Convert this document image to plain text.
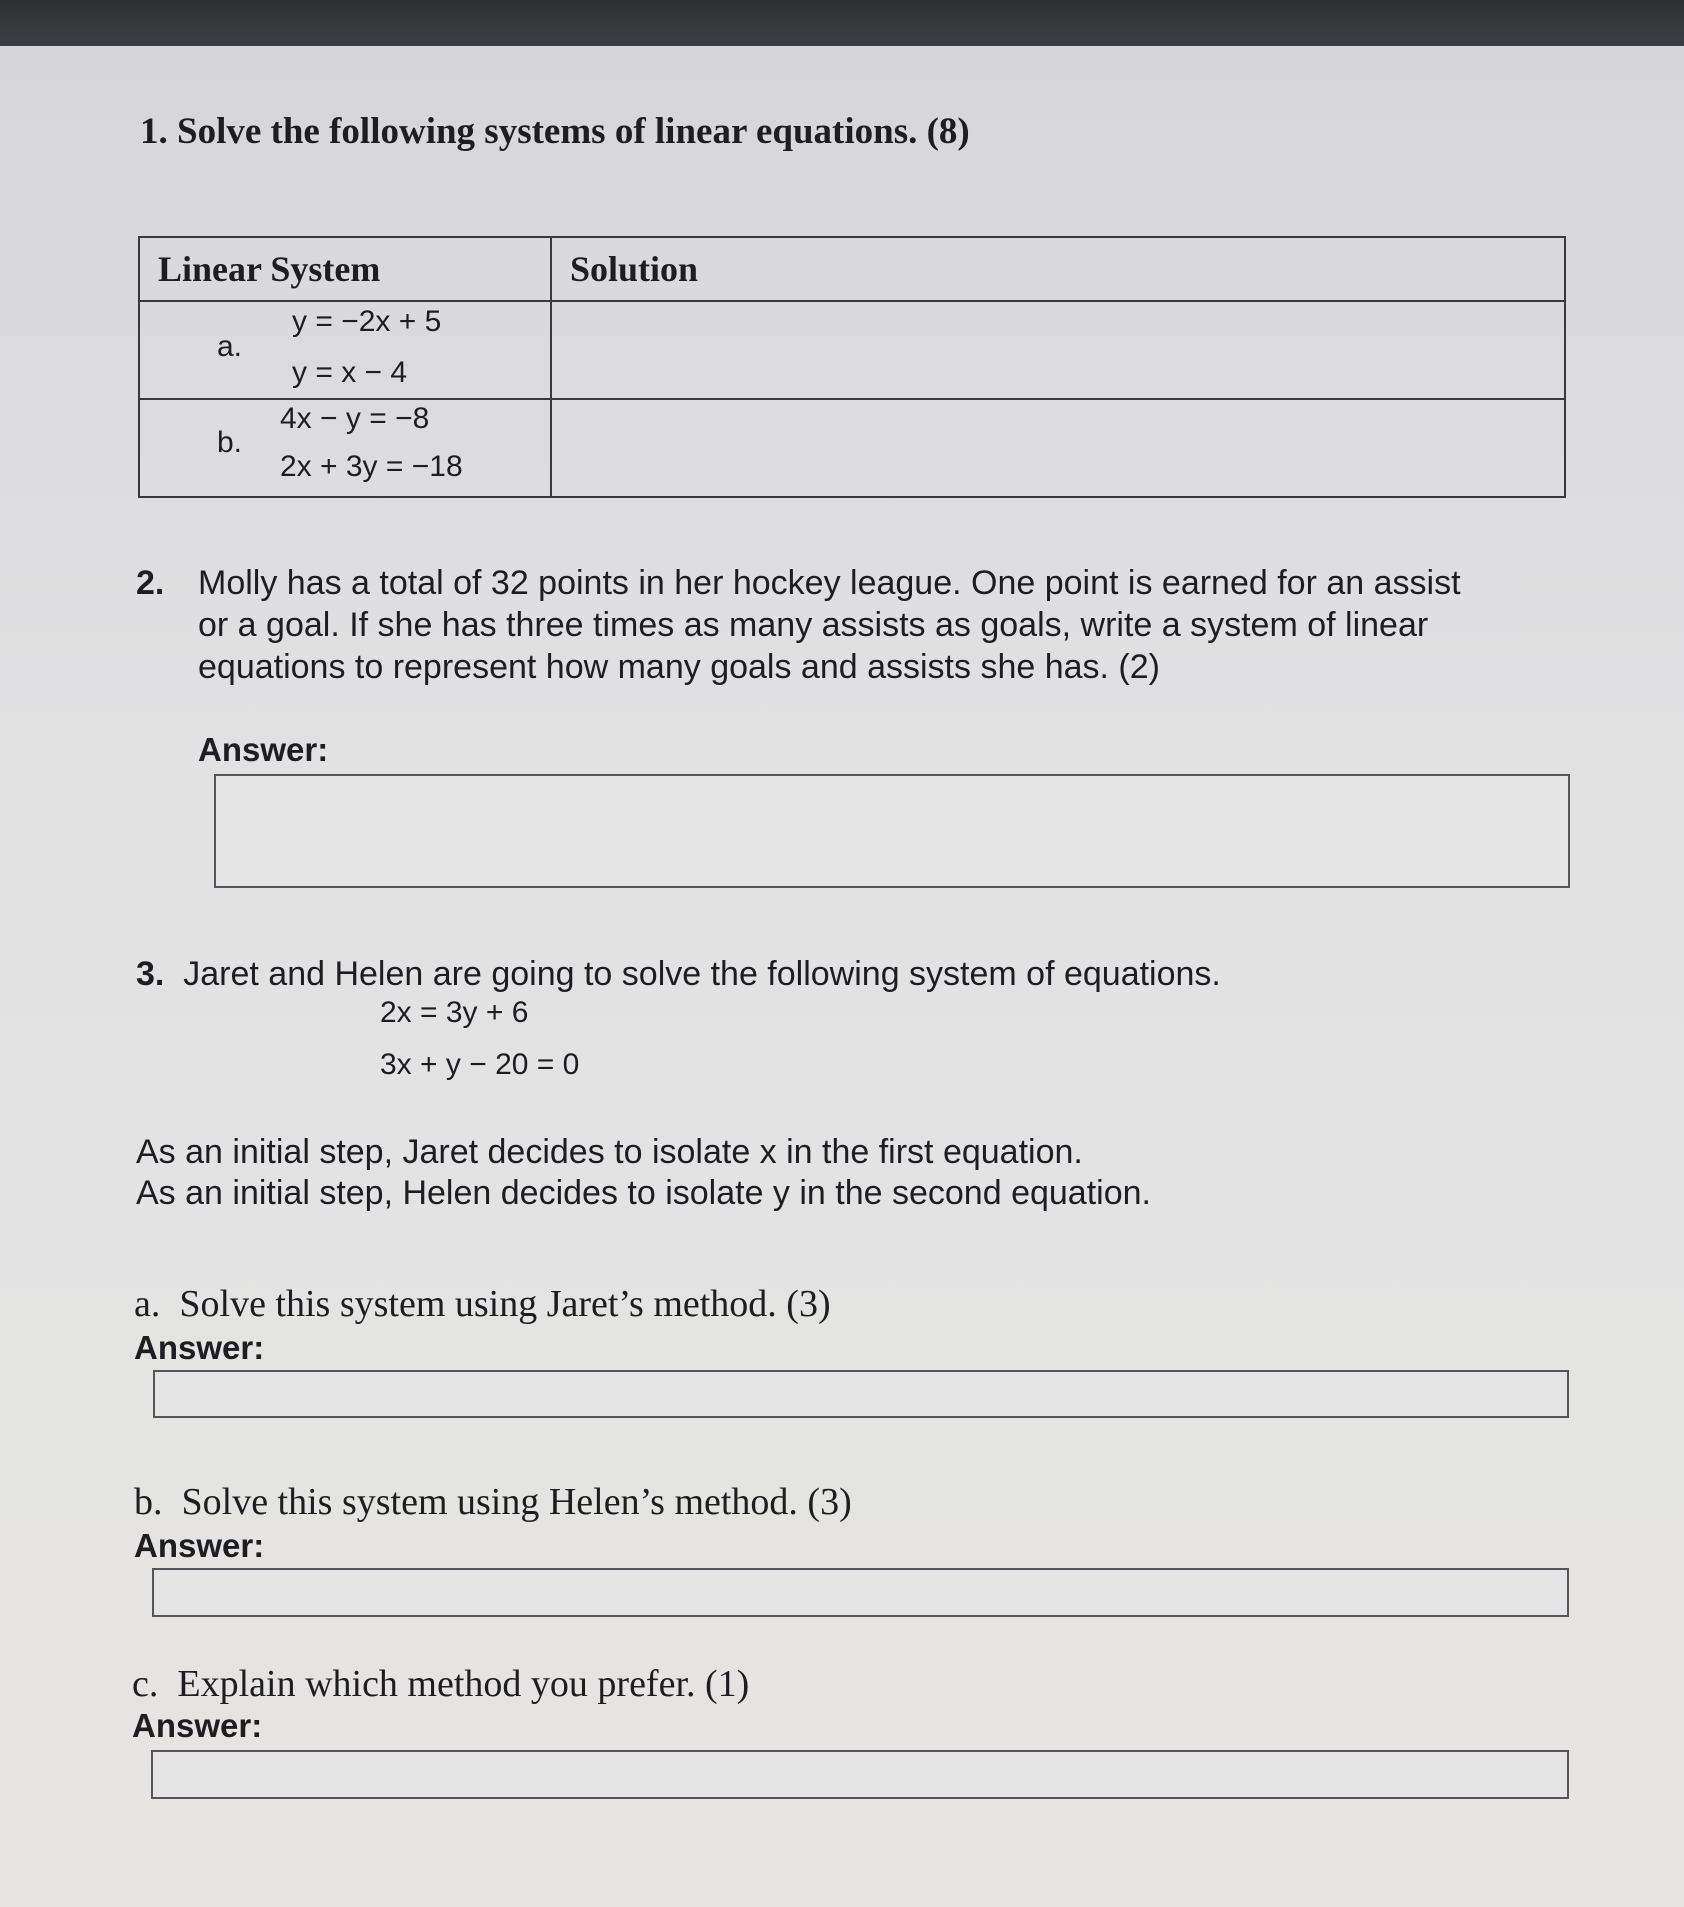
1. Solve the following systems of linear equations. (8)

Linear System	Solution

a.
y = −2x + 5
y = x − 4	

b.
4x − y = −8
2x + 3y = −18	

2. Molly has a total of 32 points in her hockey league. One point is earned for an assist
or a goal. If she has three times as many assists as goals, write a system of linear
equations to represent how many goals and assists she has. (2)

Answer:

3. Jaret and Helen are going to solve the following system of equations.

2x = 3y + 6

3x + y − 20 = 0

As an initial step, Jaret decides to isolate x in the first equation.
As an initial step, Helen decides to isolate y in the second equation.

a. Solve this system using Jaret’s method. (3)

Answer:

b. Solve this system using Helen’s method. (3)

Answer:

c. Explain which method you prefer. (1)

Answer:
